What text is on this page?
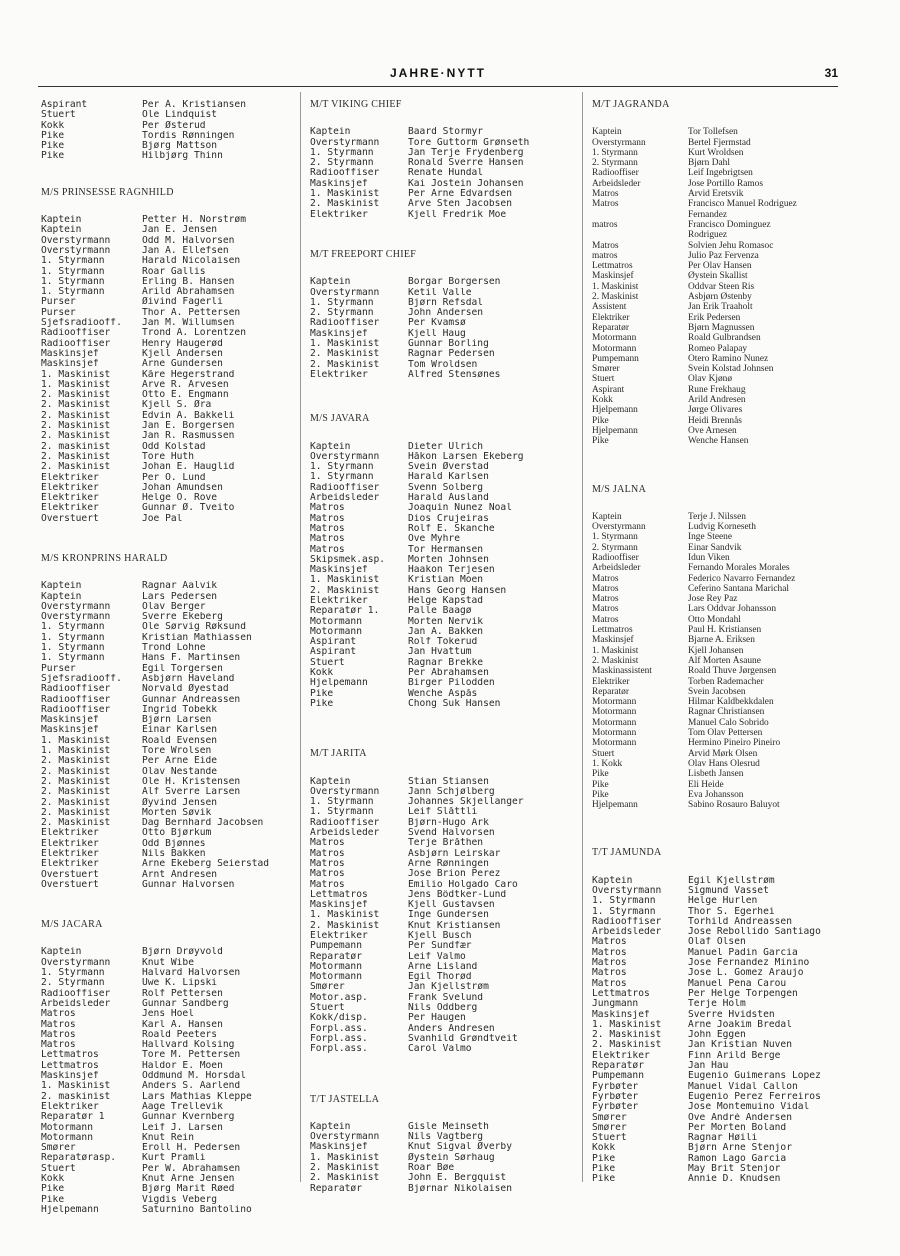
JAHRE·NYTT	31
Aspirant	Per A. Kristiansen
Stuert	Ole Lindquist
Kokk	Per Østerud
Pike	Tordis Rønningen
Pike	Bjørg Mattson
Pike	Hilbjørg Thinn
M/S PRINSESSE RAGNHILD
Kaptein	Petter H. Norstrøm
Kaptein	Jan E. Jensen
Overstyrmann	Odd M. Halvorsen
Overstyrmann	Jan A. Ellefsen
1. Styrmann	Harald Nicolaisen
1. Styrmann	Roar Gallis
1. Styrmann	Erling B. Hansen
1. Styrmann	Arild Abrahamsen
Purser	Øivind Fagerli
Purser	Thor A. Pettersen
Sjefsradiooff.	Jan M. Willumsen
Radiooffiser	Trond A. Lorentzen
Radiooffiser	Henry Haugerød
Maskinsjef	Kjell Andersen
Maskinsjef	Arne Gundersen
1. Maskinist	Kåre Hegerstrand
1. Maskinist	Arve R. Arvesen
2. Maskinist	Otto E. Engmann
2. Maskinist	Kjell S. Øra
2. Maskinist	Edvin A. Bakkeli
2. Maskinist	Jan E. Borgersen
2. Maskinist	Jan R. Rasmussen
2. maskinist	Odd Kolstad
2. Maskinist	Tore Huth
2. Maskinist	Johan E. Hauglid
Elektriker	Per O. Lund
Elektriker	Johan Amundsen
Elektriker	Helge O. Rove
Elektriker	Gunnar Ø. Tveito
Overstuert	Joe Pal
M/S KRONPRINS HARALD
Kaptein	Ragnar Aalvik
Kaptein	Lars Pedersen
Overstyrmann	Olav Berger
Overstyrmann	Sverre Ekeberg
1. Styrmann	Ole Sørvig Røksund
1. Styrmann	Kristian Mathiassen
1. Styrmann	Trond Lohne
1. Styrmann	Hans F. Martinsen
Purser	Egil Torgersen
Sjefsradiooff.	Asbjørn Haveland
Radiooffiser	Norvald Øyestad
Radiooffiser	Gunnar Andreassen
Radiooffiser	Ingrid Tobekk
Maskinsjef	Bjørn Larsen
Maskinsjef	Einar Karlsen
1. Maskinist	Roald Evensen
1. Maskinist	Tore Wrolsen
2. Maskinist	Per Arne Eide
2. Maskinist	Olav Nestande
2. Maskinist	Ole H. Kristensen
2. Maskinist	Alf Sverre Larsen
2. Maskinist	Øyvind Jensen
2. Maskinist	Morten Søvik
2. Maskinist	Dag Bernhard Jacobsen
Elektriker	Otto Bjørkum
Elektriker	Odd Bjønnes
Elektriker	Nils Bakken
Elektriker	Arne Ekeberg Seierstad
Overstuert	Arnt Andresen
Overstuert	Gunnar Halvorsen
M/S JACARA
Kaptein	Bjørn Drøyvold
Overstyrmann	Knut Wibe
1. Styrmann	Halvard Halvorsen
2. Styrmann	Uwe K. Lipski
Radiooffiser	Rolf Pettersen
Arbeidsleder	Gunnar Sandberg
Matros	Jens Hoel
Matros	Karl A. Hansen
Matros	Roald Peeters
Matros	Hallvard Kolsing
Lettmatros	Tore M. Pettersen
Lettmatros	Haldor E. Moen
Maskinsjef	Oddmund M. Horsdal
1. Maskinist	Anders S. Aarlend
2. maskinist	Lars Mathias Kleppe
Elektriker	Aage Trellevik
Reparatør 1	Gunnar Kvernberg
Motormann	Leif J. Larsen
Motormann	Knut Rein
Smører	Eroll H. Pedersen
Reparatørasp.	Kurt Pramli
Stuert	Per W. Abrahamsen
Kokk	Knut Arne Jensen
Pike	Bjørg Marit Røed
Pike	Vigdis Veberg
Hjelpemann	Saturnino Bantolino
M/T VIKING CHIEF
Kaptein	Baard Stormyr
Overstyrmann	Tore Guttorm Grønseth
1. Styrmann	Jan Terje Frydenberg
2. Styrmann	Ronald Sverre Hansen
Radiooffiser	Renate Hundal
Maskinsjef	Kai Jostein Johansen
1. Maskinist	Per Arne Edvardsen
2. Maskinist	Arve Sten Jacobsen
Elektriker	Kjell Fredrik Moe
M/T FREEPORT CHIEF
Kaptein	Borgar Borgersen
Overstyrmann	Ketil Valle
1. Styrmann	Bjørn Refsdal
2. Styrmann	John Andersen
Radiooffiser	Per Kvamsø
Maskinsjef	Kjell Haug
1. Maskinist	Gunnar Borling
2. Maskinist	Ragnar Pedersen
2. Maskinist	Tom Wroldsen
Elektriker	Alfred Stensønes
M/S JAVARA
Kaptein	Dieter Ulrich
Overstyrmann	Håkon Larsen Ekeberg
1. Styrmann	Svein Øverstad
1. Styrmann	Harald Karlsen
Radiooffiser	Svenn Solberg
Arbeidsleder	Harald Ausland
Matros	Joaquin Nunez Noal
Matros	Dios Crujeiras
Matros	Rolf E. Skanche
Matros	Ove Myhre
Matros	Tor Hermansen
Skipsmek.asp.	Morten Johnsen
Maskinsjef	Haakon Terjesen
1. Maskinist	Kristian Moen
2. Maskinist	Hans Georg Hansen
Elektriker	Helge Kapstad
Reparatør 1.	Palle Baagø
Motormann	Morten Nervik
Motormann	Jan A. Bakken
Aspirant	Rolf Tokerud
Aspirant	Jan Hvattum
Stuert	Ragnar Brekke
Kokk	Per Abrahamsen
Hjelpemann	Birger Pilodden
Pike	Wenche Aspås
Pike	Chong Suk Hansen
M/T JARITA
Kaptein	Stian Stiansen
Overstyrmann	Jann Schjølberg
1. Styrmann	Johannes Skjellanger
1. Styrmann	Leif Slåttli
Radiooffiser	Bjørn-Hugo Ark
Arbeidsleder	Svend Halvorsen
Matros	Terje Bråthen
Matros	Asbjørn Leirskar
Matros	Arne Rønningen
Matros	Jose Brion Perez
Matros	Emilio Holgado Caro
Lettmatros	Jens Bödtker-Lund
Maskinsjef	Kjell Gustavsen
1. Maskinist	Inge Gundersen
2. Maskinist	Knut Kristiansen
Elektriker	Kjell Busch
Pumpemann	Per Sundfær
Reparatør	Leif Valmo
Motormann	Arne Lisland
Motormann	Egil Thorød
Smører	Jan Kjellstrøm
Motor.asp.	Frank Svelund
Stuert	Nils Oddberg
Kokk/disp.	Per Haugen
Forpl.ass.	Anders Andresen
Forpl.ass.	Svanhild Grøndtveit
Forpl.ass.	Carol Valmo
T/T JASTELLA
Kaptein	Gisle Meinseth
Overstyrmann	Nils Vagtberg
Maskinsjef	Knut Sigval Øverby
1. Maskinist	Øystein Sørhaug
2. Maskinist	Roar Bøe
2. Maskinist	John E. Bergquist
Reparatør	Bjørnar Nikolaisen
M/T JAGRANDA
Kaptein	Tor Tollefsen
Overstyrmann	Bertel Fjermstad
1. Styrmann	Kurt Wroldsen
2. Styrmann	Bjørn Dahl
Radiooffiser	Leif Ingebrigtsen
Arbeidsleder	Jose Portillo Ramos
Matros	Arvid Eretsvik
Matros	Francisco Manuel Rodriguez
Fernandez
matros	Francisco Dominguez
Rodriguez
Matros	Solvien Jehu Romasoc
matros	Julio Paz Fervenza
Lettmatros	Per Olav Hansen
Maskinsjef	Øystein Skallist
1. Maskinist	Oddvar Steen Ris
2. Maskinist	Asbjørn Østenby
Assistent	Jan Erik Traaholt
Elektriker	Erik Pedersen
Reparatør	Bjørn Magnussen
Motormann	Roald Gulbrandsen
Motormann	Romeo Palapay
Pumpemann	Otero Ramino Nunez
Smører	Svein Kolstad Johnsen
Stuert	Olav Kjønø
Aspirant	Rune Frekhaug
Kokk	Arild Andresen
Hjelpemann	Jørge Olivares
Pike	Heidi Brennås
Hjelpemann	Ove Arnesen
Pike	Wenche Hansen
M/S JALNA
Kaptein	Terje J. Nilssen
Overstyrmann	Ludvig Korneseth
1. Styrmann	Inge Steene
2. Styrmann	Einar Sandvik
Radiooffiser	Idun Viken
Arbeidsleder	Fernando Morales Morales
Matros	Federico Navarro Fernandez
Matros	Ceferino Santana Marichal
Matros	Jose Rey Paz
Matros	Lars Oddvar Johansson
Matros	Otto Mondahl
Lettmatros	Paul H. Kristiansen
Maskinsjef	Bjarne A. Eriksen
1. Maskinist	Kjell Johansen
2. Maskinist	Alf Morten Åsaune
Maskinassistent	Roald Thuve Jørgensen
Elektriker	Torben Rademacher
Reparatør	Svein Jacobsen
Motormann	Hilmar Kaldbekkdalen
Motormann	Ragnar Christiansen
Motormann	Manuel Calo Sobrido
Motormann	Tom Olav Pettersen
Motormann	Hermino Pineiro Pineiro
Stuert	Arvid Mørk Olsen
1. Kokk	Olav Hans Olesrud
Pike	Lisbeth Jansen
Pike	Eli Heide
Pike	Eva Johansson
Hjelpemann	Sabino Rosauro Baluyot
T/T JAMUNDA
Kaptein	Egil Kjellstrøm
Overstyrmann	Sigmund Vasset
1. Styrmann	Helge Hurlen
1. Styrmann	Thor S. Egerhei
Radiooffiser	Torhild Andreassen
Arbeidsleder	Jose Rebollido Santiago
Matros	Olaf Olsen
Matros	Manuel Padin Garcia
Matros	Jose Fernandez Minino
Matros	Jose L. Gomez Araujo
Matros	Manuel Pena Carou
Lettmatros	Per Helge Torpengen
Jungmann	Terje Holm
Maskinsjef	Sverre Hvidsten
1. Maskinist	Arne Joakim Bredal
2. Maskinist	John Eggen
2. Maskinist	Jan Kristian Nuven
Elektriker	Finn Arild Berge
Reparatør	Jan Hau
Pumpemann	Eugenio Guimerans Lopez
Fyrbøter	Manuel Vidal Callon
Fyrbøter	Eugenio Perez Ferreiros
Fyrbøter	Jose Montemuino Vidal
Smører	Ove André Andersen
Smører	Per Morten Boland
Stuert	Ragnar Høili
Kokk	Bjørn Arne Stenjor
Pike	Ramon Lago Garcia
Pike	May Brit Stenjor
Pike	Annie D. Knudsen
